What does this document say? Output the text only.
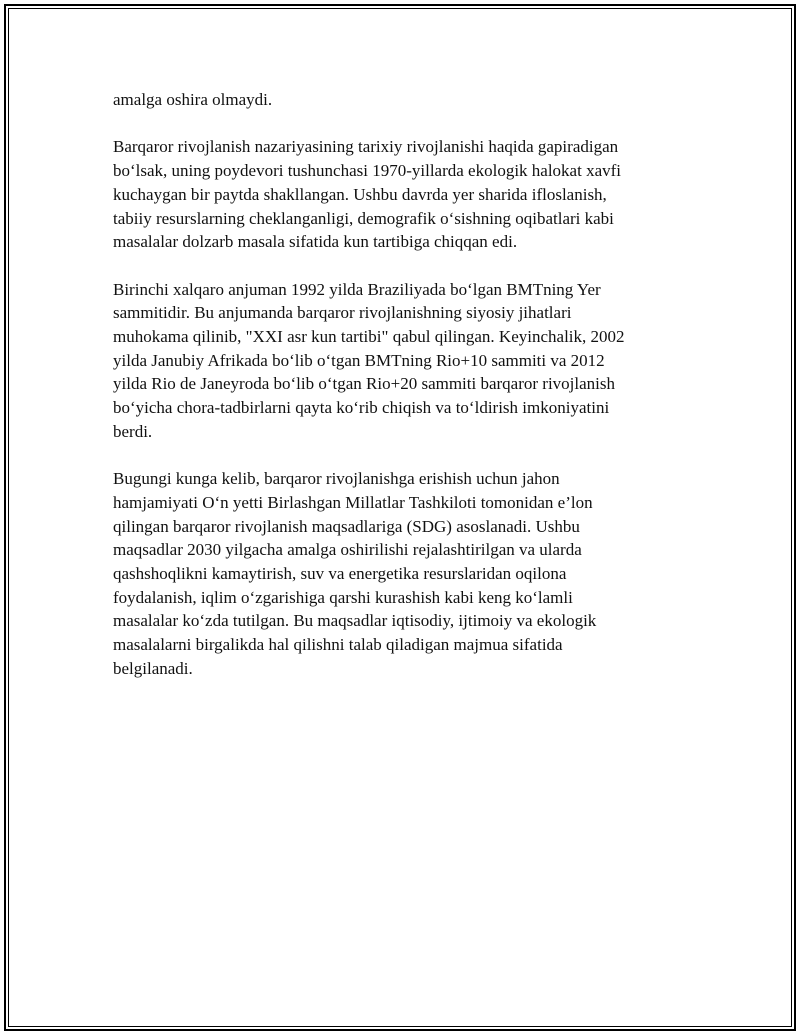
amalga oshira olmaydi.

Barqaror rivojlanish nazariyasining tarixiy rivojlanishi haqida gapiradigan
bo‘lsak, uning poydevori tushunchasi 1970-yillarda ekologik halokat xavfi
kuchaygan bir paytda shakllangan. Ushbu davrda yer sharida ifloslanish,
tabiiy resurslarning cheklanganligi, demografik o‘sishning oqibatlari kabi
masalalar dolzarb masala sifatida kun tartibiga chiqqan edi.

Birinchi xalqaro anjuman 1992 yilda Braziliyada bo‘lgan BMTning Yer
sammitidir. Bu anjumanda barqaror rivojlanishning siyosiy jihatlari
muhokama qilinib, "XXI asr kun tartibi" qabul qilingan. Keyinchalik, 2002
yilda Janubiy Afrikada bo‘lib o‘tgan BMTning Rio+10 sammiti va 2012
yilda Rio de Janeyroda bo‘lib o‘tgan Rio+20 sammiti barqaror rivojlanish
bo‘yicha chora-tadbirlarni qayta ko‘rib chiqish va to‘ldirish imkoniyatini
berdi.

Bugungi kunga kelib, barqaror rivojlanishga erishish uchun jahon
hamjamiyati O‘n yetti Birlashgan Millatlar Tashkiloti tomonidan e’lon
qilingan barqaror rivojlanish maqsadlariga (SDG) asoslanadi. Ushbu
maqsadlar 2030 yilgacha amalga oshirilishi rejalashtirilgan va ularda
qashshoqlikni kamaytirish, suv va energetika resurslaridan oqilona
foydalanish, iqlim o‘zgarishiga qarshi kurashish kabi keng ko‘lamli
masalalar ko‘zda tutilgan. Bu maqsadlar iqtisodiy, ijtimoiy va ekologik
masalalarni birgalikda hal qilishni talab qiladigan majmua sifatida
belgilanadi.
